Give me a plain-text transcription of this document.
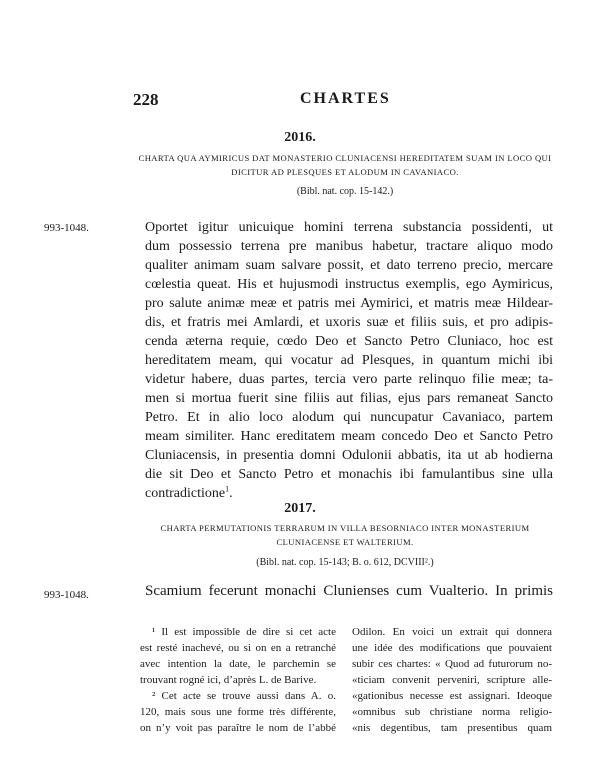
228	CHARTES
2016.
CHARTA QUA AYMIRICUS DAT MONASTERIO CLUNIACENSI HEREDITATEM SUAM IN LOCO QUI DICITUR AD PLESQUES ET ALODUM IN CAVANIACO.
(Bibl. nat. cop. 15-142.)
993-1048.	Oportet igitur unicuique homini terrena substancia possidenti, ut
dum possessio terrena pre manibus habetur, tractare aliquo modo
qualiter animam suam salvare possit, et dato terreno precio, mercare
cœlestia queat. His et hujusmodi instructus exemplis, ego Aymiricus,
pro salute animæ meæ et patris mei Aymirici, et matris meæ Hildear-
dis, et fratris mei Amlardi, et uxoris suæ et filiis suis, et pro adipis-
cenda æterna requie, cœdo Deo et Sancto Petro Cluniaco, hoc est
hereditatem meam, qui vocatur ad Plesques, in quantum michi ibi
videtur habere, duas partes, tercia vero parte relinquo filie meæ; ta-
men si mortua fuerit sine filiis aut filias, ejus pars remaneat Sancto
Petro. Et in alio loco alodum qui nuncupatur Cavaniaco, partem
meam similiter. Hanc ereditatem meam concedo Deo et Sancto Petro
Cluniacensis, in presentia domni Odulonii abbatis, ita ut ab hodierna
die sit Deo et Sancto Petro et monachis ibi famulantibus sine ulla
contradictione$^1$.
2017.
CHARTA PERMUTATIONIS TERRARUM IN VILLA BESORNIACO INTER MONASTERIUM CLUNIACENSE ET WALTERIUM.
(Bibl. nat. cop. 15-143; B. o. 612, DCVIII².)
993-1048.	Scamium fecerunt monachi Clunienses cum Vualterio. In primis
¹ Il est impossible de dire si cet acte
est resté inachevé, ou si on en a retranché
avec intention la date, le parchemin se
trouvant rogné ici, d’après L. de Barive.
² Cet acte se trouve aussi dans A. o.
120, mais sous une forme très différente,
on n’y voit pas paraître le nom de l’abbé
Odilon. En voici un extrait qui donnera
une idée des modifications que pouvaient
subir ces chartes: « Quod ad futurorum no-
«ticiam convenit perveniri, scripture alle-
«gationibus necesse est assignari. Ideoque
«omnibus sub christiane norma religio-
«nis degentibus, tam presentibus quam
